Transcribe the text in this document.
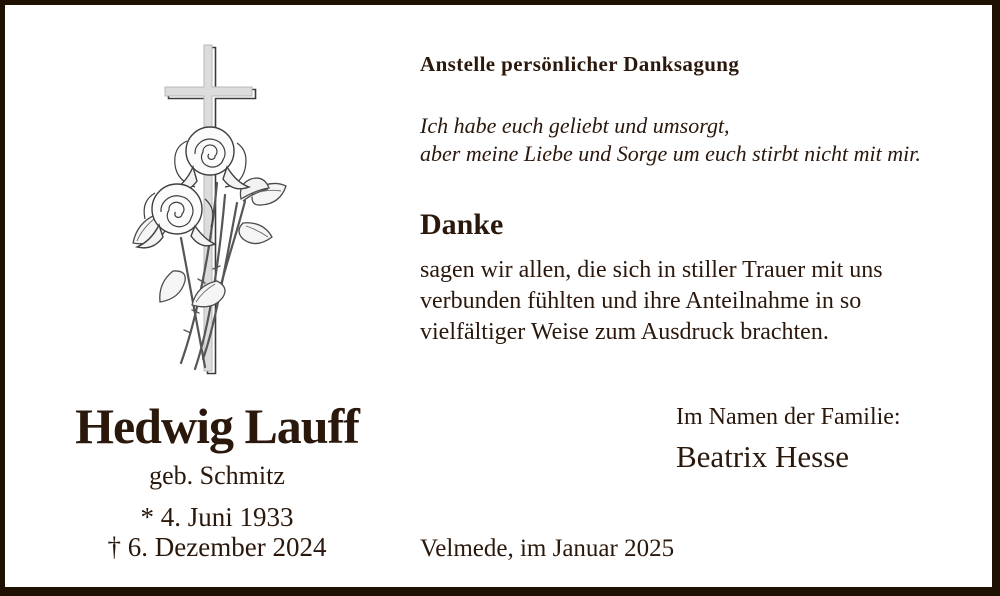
Anstelle persönlicher Danksagung
Ich habe euch geliebt und umsorgt,
aber meine Liebe und Sorge um euch stirbt nicht mit mir.
Danke
sagen wir allen, die sich in stiller Trauer mit uns
verbunden fühlten und ihre Anteilnahme in so
vielfältiger Weise zum Ausdruck brachten.
Im Namen der Familie:
Beatrix Hesse
Hedwig Lauff
geb. Schmitz
* 4. Juni 1933
† 6. Dezember 2024	Velmede, im Januar 2025
